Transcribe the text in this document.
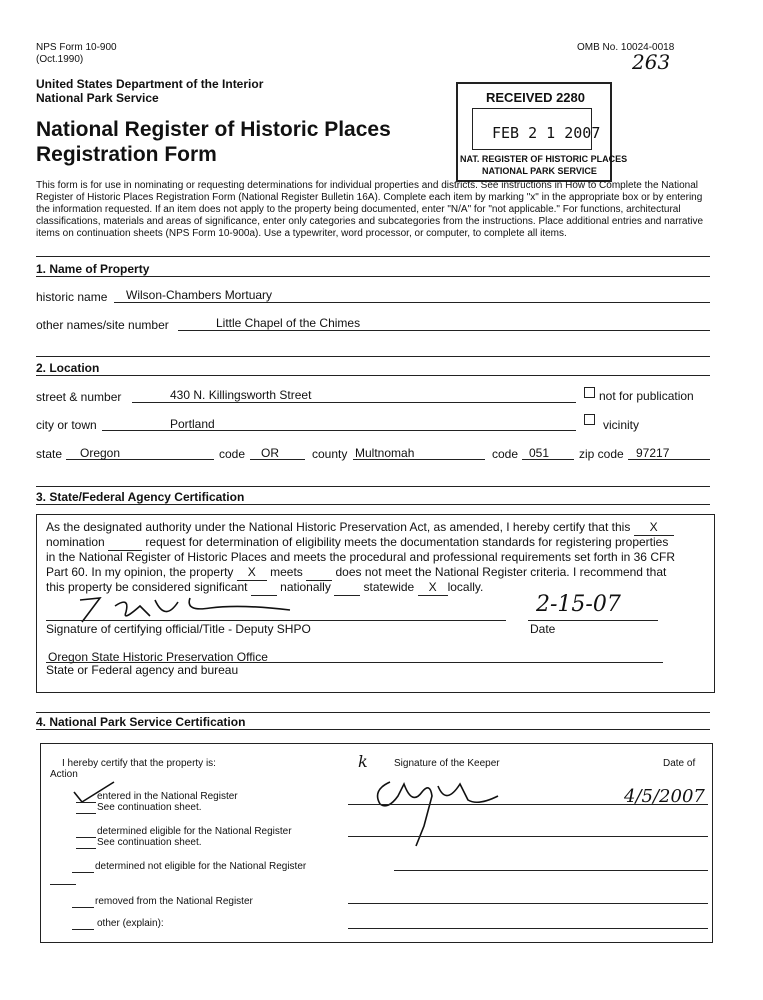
NPS Form 10-900
(Oct.1990)
OMB No. 10024-0018
263
United States Department of the Interior
National Park Service
National Register of Historic Places
Registration Form
RECEIVED 2280
FEB 2 1 2007
NAT. REGISTER OF HISTORIC PLACES
NATIONAL PARK SERVICE
This form is for use in nominating or requesting determinations for individual properties and districts. See instructions in How to Complete the National
Register of Historic Places Registration Form (National Register Bulletin 16A). Complete each item by marking "x" in the appropriate box or by entering
the information requested. If an item does not apply to the property being documented, enter "N/A" for "not applicable." For functions, architectural
classifications, materials and areas of significance, enter only categories and subcategories from the instructions. Place additional entries and narrative
items on continuation sheets (NPS Form 10-900a). Use a typewriter, word processor, or computer, to complete all items.
1. Name of Property
historic name Wilson-Chambers Mortuary
other names/site number	Little Chapel of the Chimes
2. Location
street & number	430 N. Killingsworth Street	not for publication
city or town	Portland	vicinity
state Oregon	code OR	county Multnomah	code 051 zip code 97217
3. State/Federal Agency Certification
As the designated authority under the National Historic Preservation Act, as amended, I hereby certify that this X
nomination	request for determination of eligibility meets the documentation standards for registering properties
in the National Register of Historic Places and meets the procedural and professional requirements set forth in 36 CFR
Part 60. In my opinion, the property X meets	does not meet the National Register criteria. I recommend that
this property be considered significant	nationally	statewide X locally.
2-15-07
Signature of certifying official/Title - Deputy SHPO	Date
Oregon State Historic Preservation Office
State or Federal agency and bureau
4. National Park Service Certification
I hereby certify that the property is:
Action
Signature of the Keeper	Date of
k
4/5/2007
entered in the National Register
See continuation sheet.
determined eligible for the National Register
See continuation sheet.
determined not eligible for the National Register
removed from the National Register
other (explain):
